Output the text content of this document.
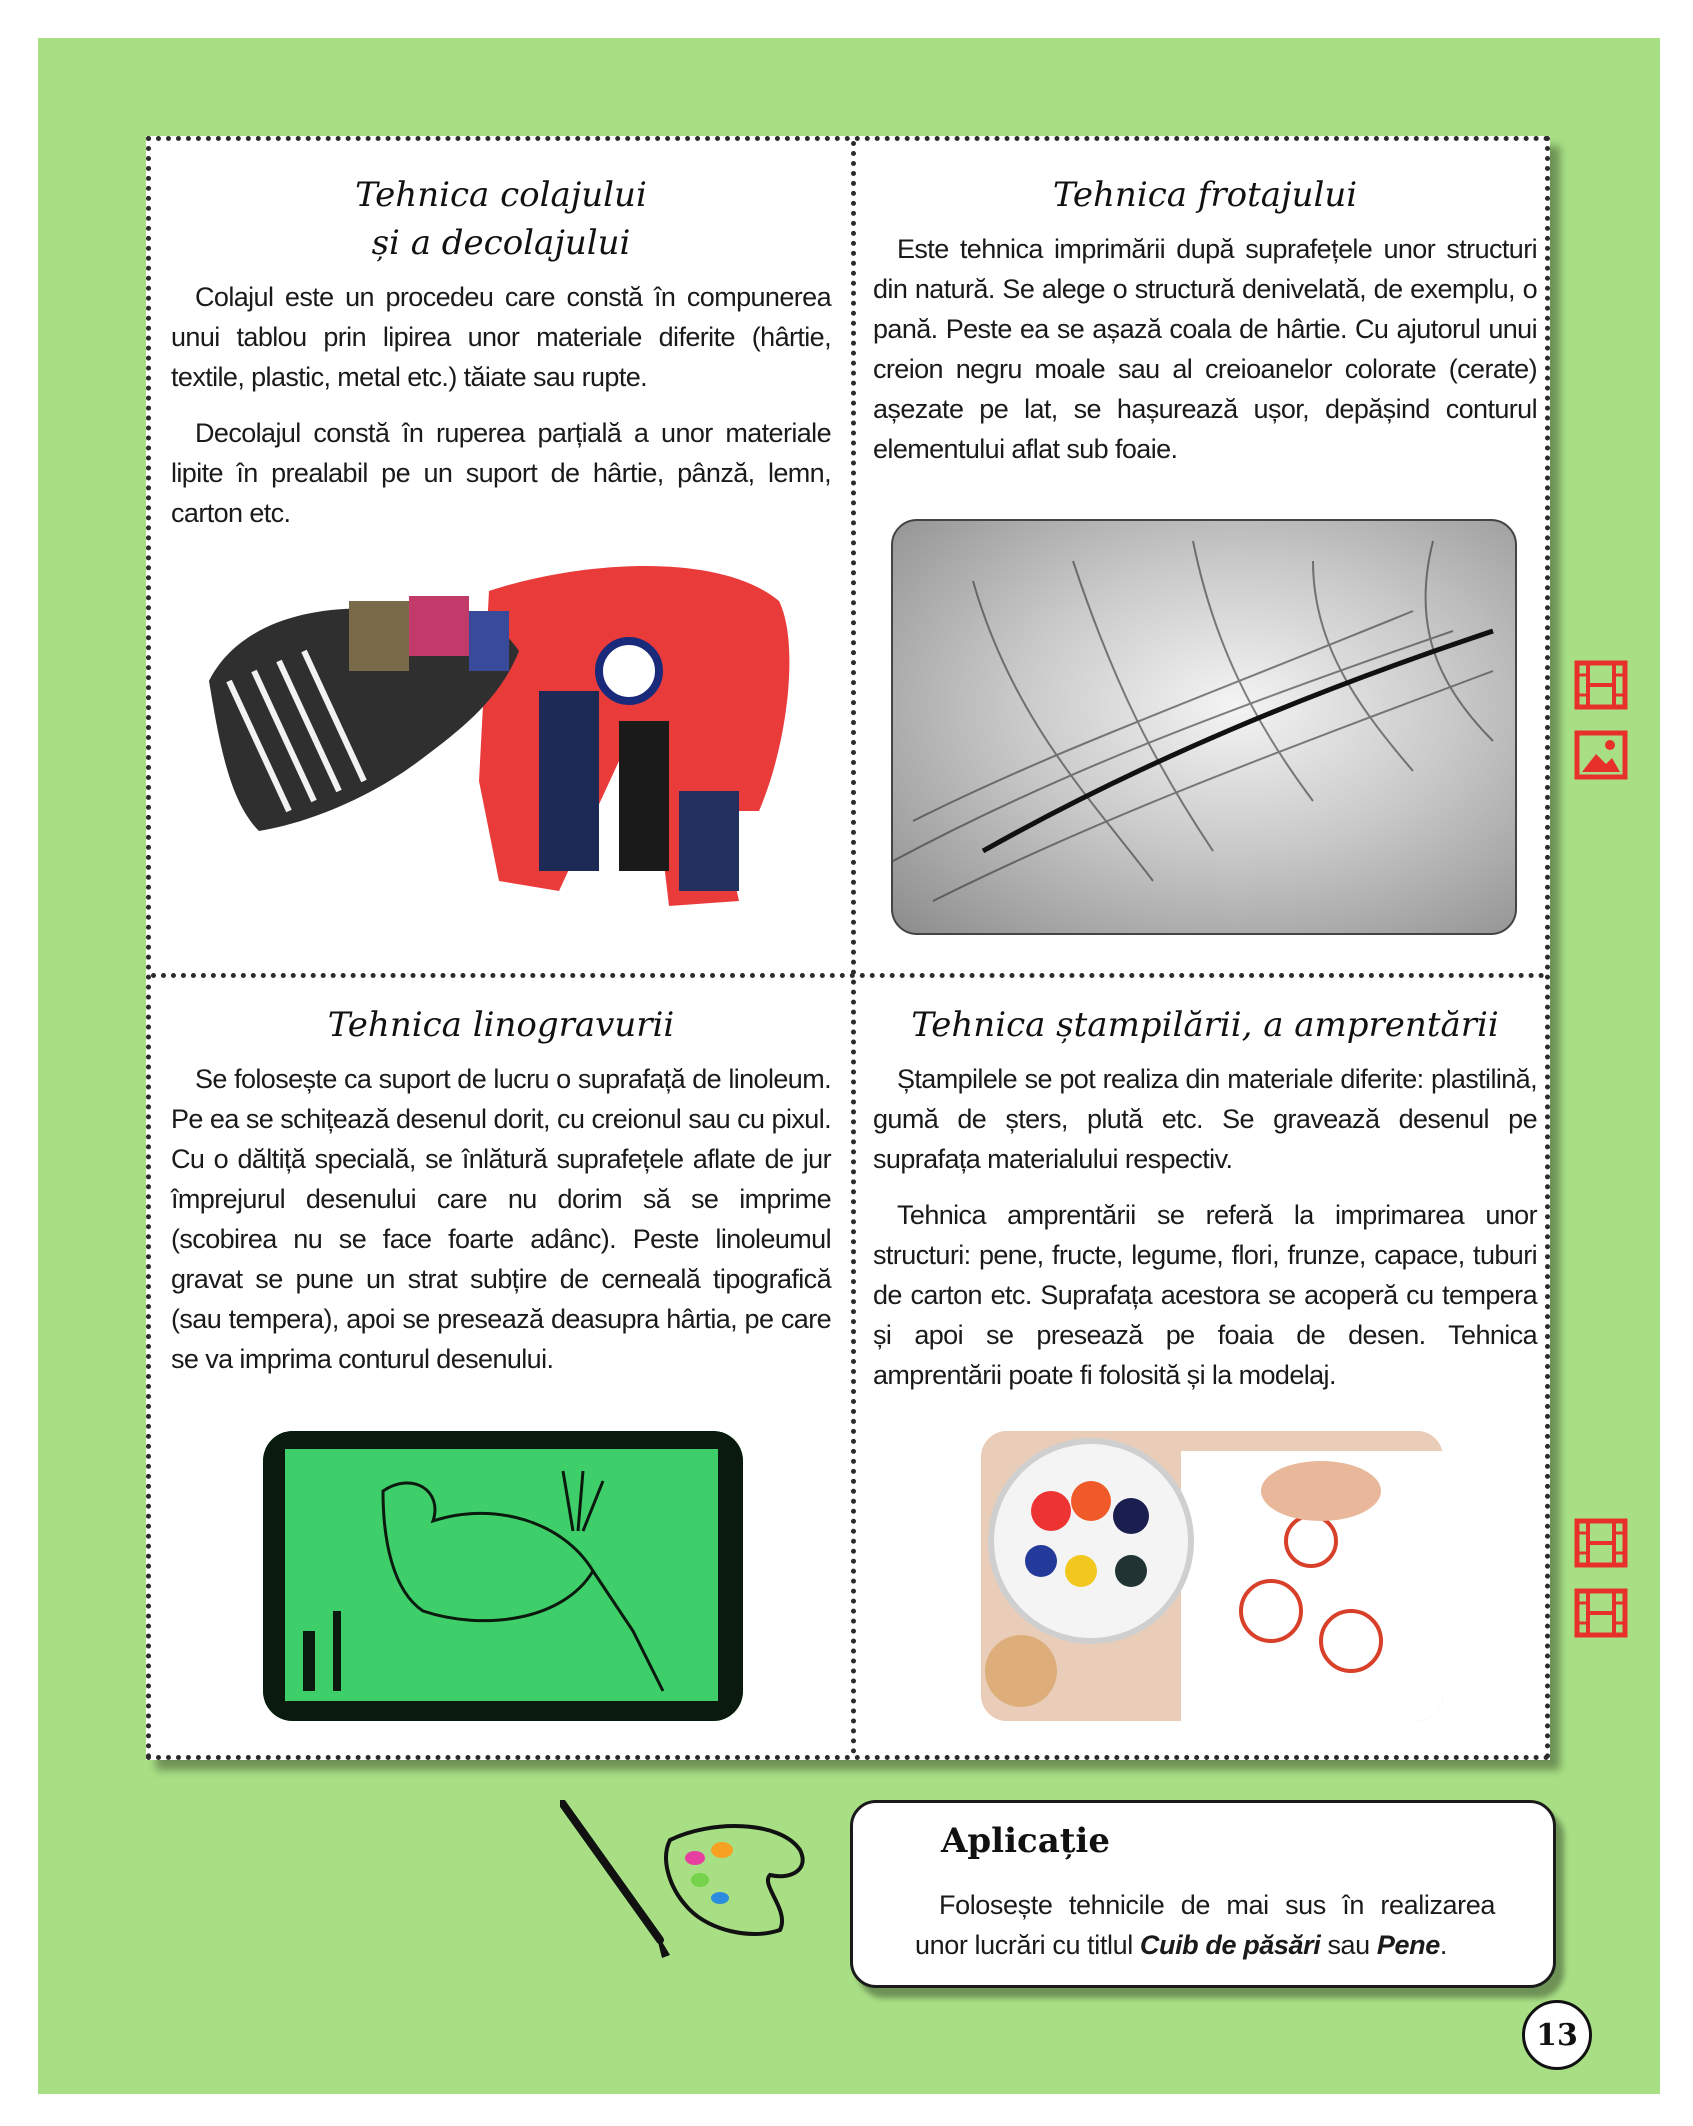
Tehnica colajului
și a decolajului

Colajul este un procedeu care constă în compunerea unui tablou prin lipirea unor materiale diferite (hârtie, textile, plastic, metal etc.) tăiate sau rupte.

Decolajul constă în ruperea parțială a unor materiale lipite în prealabil pe un suport de hârtie, pânză, lemn, carton etc.

Tehnica frotajului

Este tehnica imprimării după suprafețele unor structuri din natură. Se alege o structură denivelată, de exemplu, o pană. Peste ea se așază coala de hârtie. Cu ajutorul unui creion negru moale sau al creioanelor colorate (cerate) așezate pe lat, se hașurează ușor, depășind conturul elementului aflat sub foaie.

Tehnica linogravurii

Se folosește ca suport de lucru o suprafață de linoleum. Pe ea se schițează desenul dorit, cu creionul sau cu pixul. Cu o dăltiță specială, se înlătură suprafețele aflate de jur împrejurul desenului care nu dorim să se imprime (scobirea nu se face foarte adânc). Peste linoleumul gravat se pune un strat subțire de cerneală tipografică (sau tempera), apoi se presează deasupra hârtia, pe care se va imprima conturul desenului.

Tehnica ștampilării, a amprentării

Ștampilele se pot realiza din materiale diferite: plastilină, gumă de șters, plută etc. Se gravează desenul pe suprafața materialului respectiv.

Tehnica amprentării se referă la imprimarea unor structuri: pene, fructe, legume, flori, frunze, capace, tuburi de carton etc. Suprafața acestora se acoperă cu tempera și apoi se presează pe foaia de desen. Tehnica amprentării poate fi folosită și la modelaj.

Aplicație
Folosește tehnicile de mai sus în realizarea unor lucrări cu titlul Cuib de păsări sau Pene.
13
